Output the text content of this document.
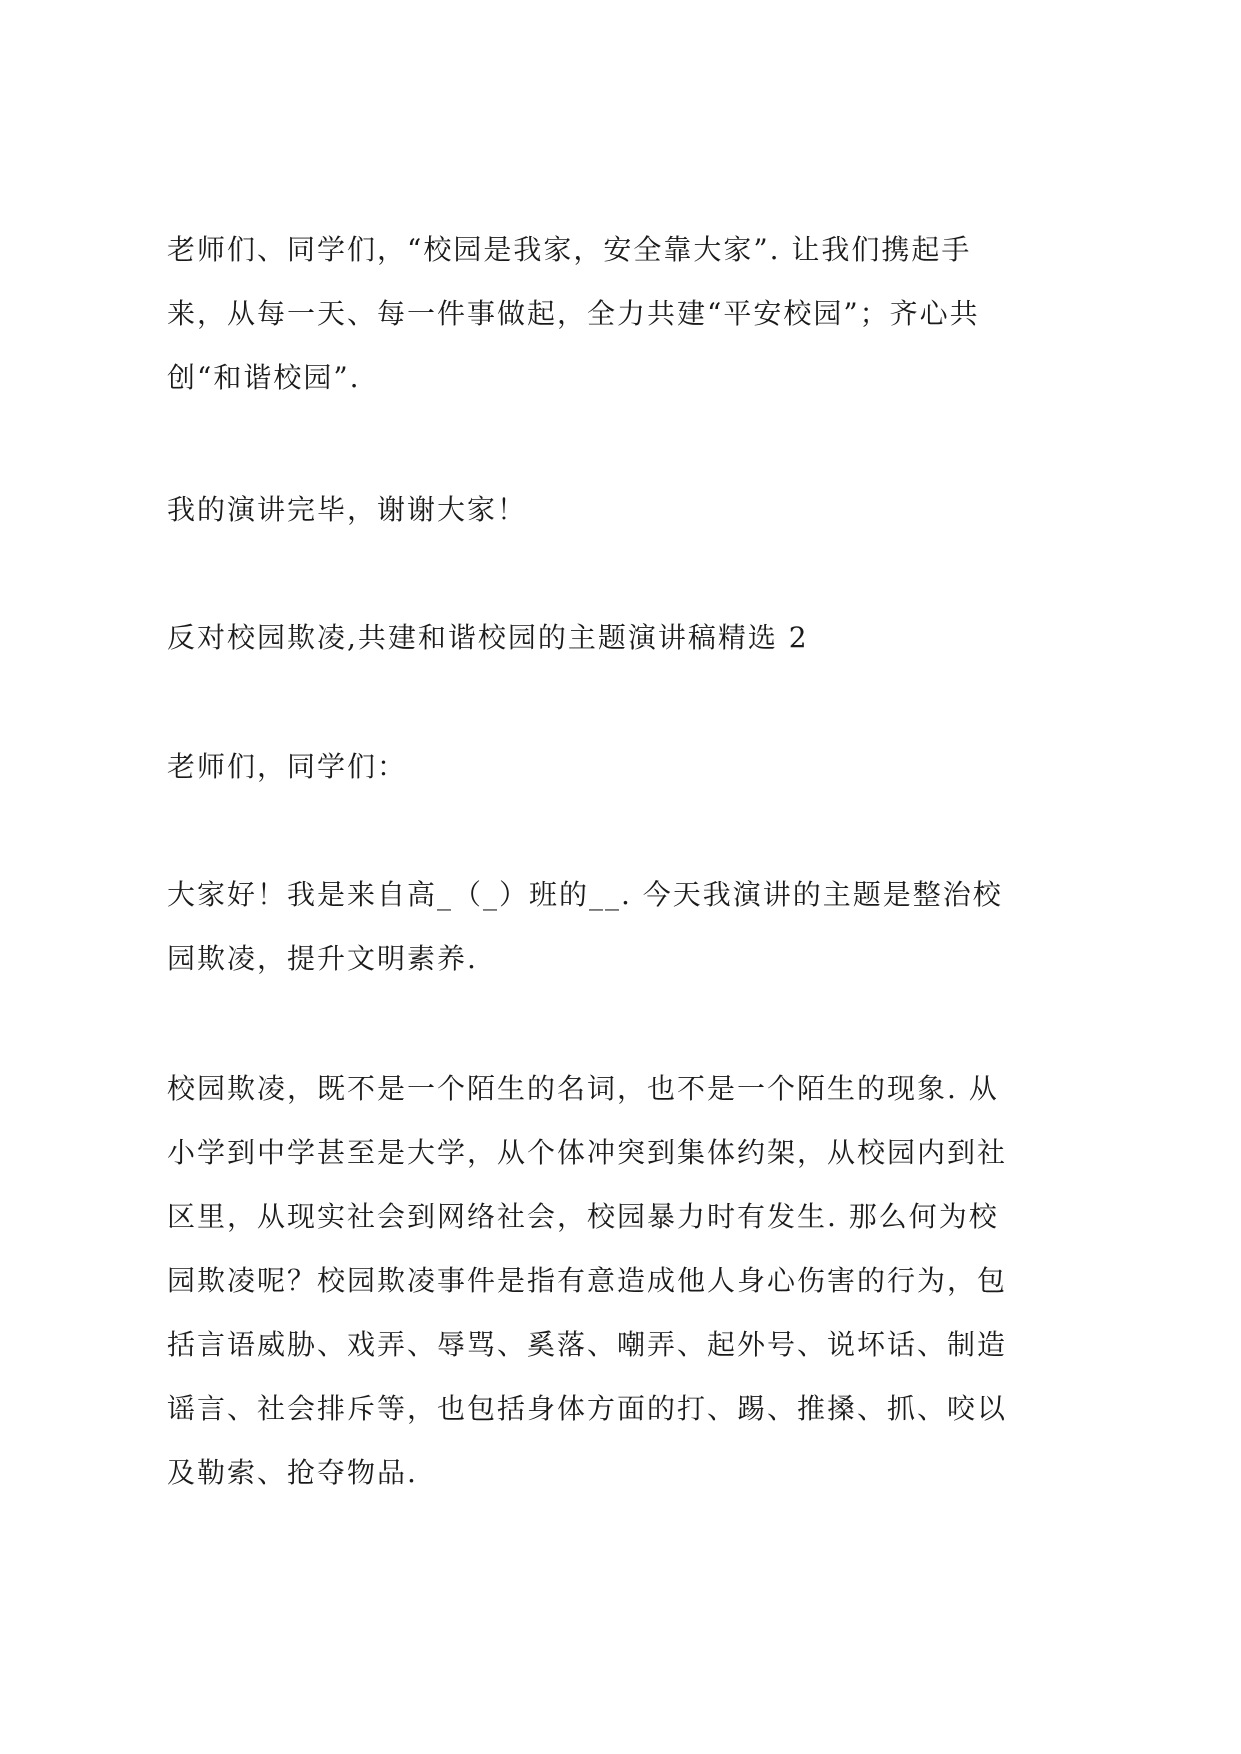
老师们、同学们，“校园是我家，安全靠大家”. 让我们携起手
来，从每一天、每一件事做起，全力共建“平安校园”；齐心共
创“和谐校园”.

我的演讲完毕，谢谢大家！

反对校园欺凌,共建和谐校园的主题演讲稿精选 2

老师们，同学们：

大家好！我是来自高_（_）班的__. 今天我演讲的主题是整治校
园欺凌，提升文明素养.

校园欺凌，既不是一个陌生的名词，也不是一个陌生的现象. 从
小学到中学甚至是大学，从个体冲突到集体约架，从校园内到社
区里，从现实社会到网络社会，校园暴力时有发生. 那么何为校
园欺凌呢？校园欺凌事件是指有意造成他人身心伤害的行为，包
括言语威胁、戏弄、辱骂、奚落、嘲弄、起外号、说坏话、制造
谣言、社会排斥等，也包括身体方面的打、踢、推搡、抓、咬以
及勒索、抢夺物品.
